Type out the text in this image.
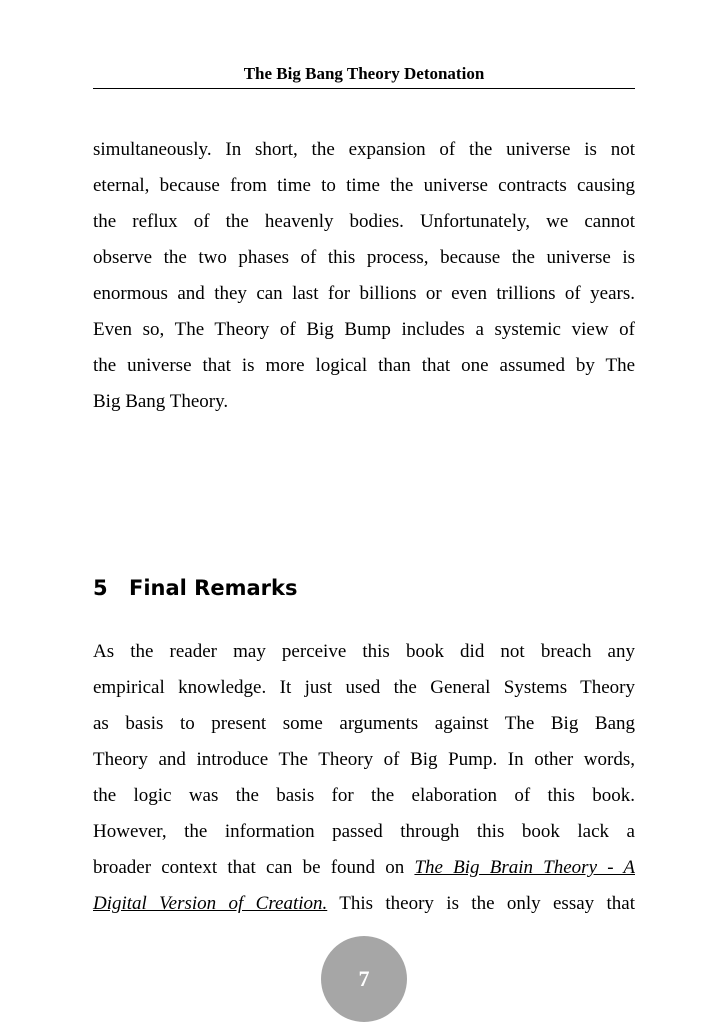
The Big Bang Theory Detonation
simultaneously. In short, the expansion of the universe is not
eternal, because from time to time the universe contracts causing
the reflux of the heavenly bodies. Unfortunately, we cannot
observe the two phases of this process, because the universe is
enormous and they can last for billions or even trillions of years.
Even so, The Theory of Big Bump includes a systemic view of
the universe that is more logical than that one assumed by The
Big Bang Theory.
5 Final Remarks
As the reader may perceive this book did not breach any
empirical knowledge. It just used the General Systems Theory
as basis to present some arguments against The Big Bang
Theory and introduce The Theory of Big Pump. In other words,
the logic was the basis for the elaboration of this book.
However, the information passed through this book lack a
broader context that can be found on The Big Brain Theory - A
Digital Version of Creation. This theory is the only essay that
7
